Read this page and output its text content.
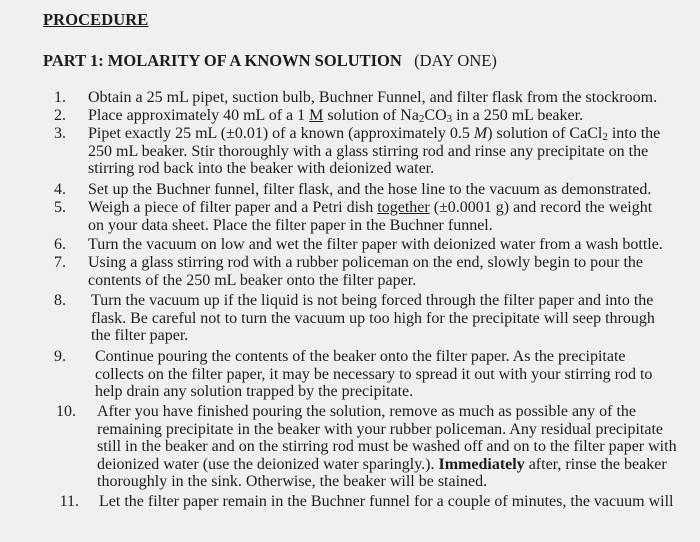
PROCEDURE
PART 1: MOLARITY OF A KNOWN SOLUTION (DAY ONE)
1. Obtain a 25 mL pipet, suction bulb, Buchner Funnel, and filter flask from the stockroom.
2. Place approximately 40 mL of a 1 M solution of $Na_2CO_3$ in a 250 mL beaker.
3. Pipet exactly 25 mL (±0.01) of a known (approximately 0.5 M) solution of CaCl$_2$ into the
250 mL beaker. Stir thoroughly with a glass stirring rod and rinse any precipitate on the
stirring rod back into the beaker with deionized water.
4. Set up the Buchner funnel, filter flask, and the hose line to the vacuum as demonstrated.
5. Weigh a piece of filter paper and a Petri dish together (±0.0001 g) and record the weight
on your data sheet. Place the filter paper in the Buchner funnel.
6. Turn the vacuum on low and wet the filter paper with deionized water from a wash bottle.
7. Using a glass stirring rod with a rubber policeman on the end, slowly begin to pour the
contents of the 250 mL beaker onto the filter paper.
8. Turn the vacuum up if the liquid is not being forced through the filter paper and into the
flask. Be careful not to turn the vacuum up too high for the precipitate will seep through
the filter paper.
9. Continue pouring the contents of the beaker onto the filter paper. As the precipitate
collects on the filter paper, it may be necessary to spread it out with your stirring rod to
help drain any solution trapped by the precipitate.
10. After you have finished pouring the solution, remove as much as possible any of the
remaining precipitate in the beaker with your rubber policeman. Any residual precipitate
still in the beaker and on the stirring rod must be washed off and on to the filter paper with
deionized water (use the deionized water sparingly.). Immediately after, rinse the beaker
thoroughly in the sink. Otherwise, the beaker will be stained.
11. Let the filter paper remain in the Buchner funnel for a couple of minutes, the vacuum will
